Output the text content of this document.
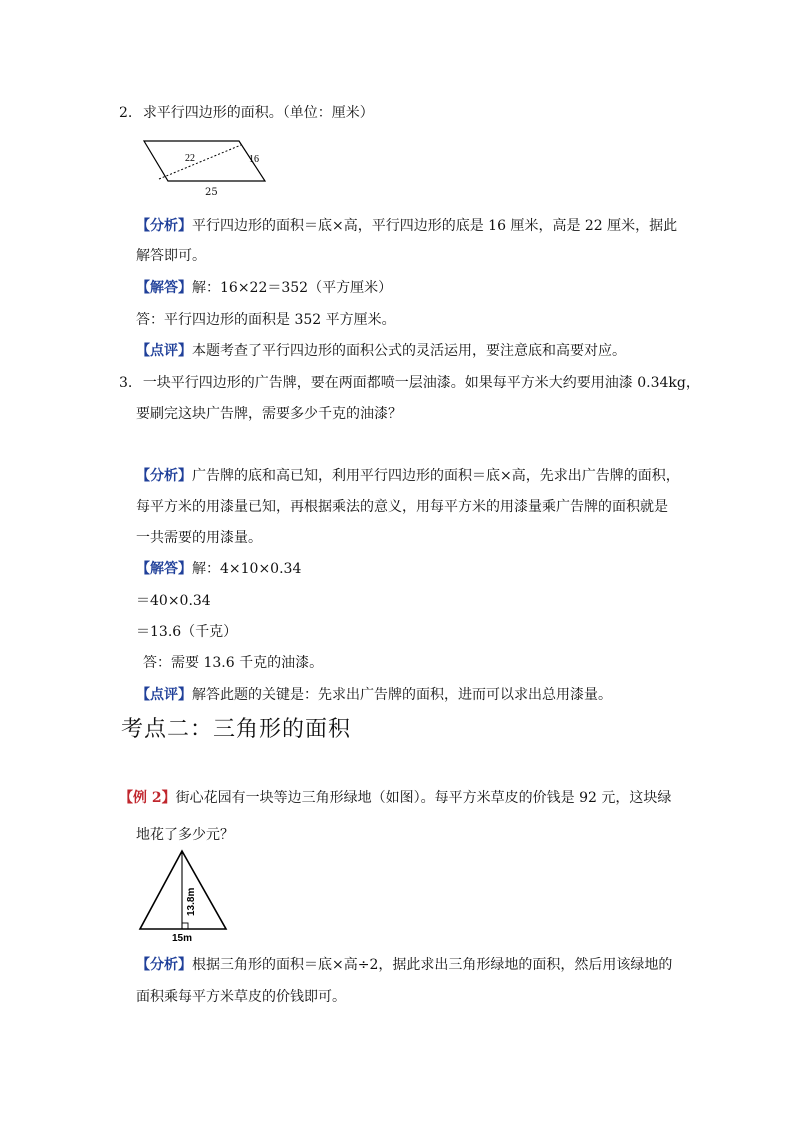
2. 求平行四边形的面积。（单位：厘米）
22	16
25
【分析】平行四边形的面积＝底×高，平行四边形的底是 16 厘米，高是 22 厘米，据此
解答即可。
【解答】解：16×22＝352（平方厘米）
答：平行四边形的面积是 352 平方厘米。
【点评】本题考查了平行四边形的面积公式的灵活运用，要注意底和高要对应。
3. 一块平行四边形的广告牌，要在两面都喷一层油漆。如果每平方米大约要用油漆 0.34kg，
要刷完这块广告牌，需要多少千克的油漆？
【分析】广告牌的底和高已知，利用平行四边形的面积＝底×高，先求出广告牌的面积，
每平方米的用漆量已知，再根据乘法的意义，用每平方米的用漆量乘广告牌的面积就是
一共需要的用漆量。
【解答】解：4×10×0.34
＝40×0.34
＝13.6（千克）
答：需要 13.6 千克的油漆。
【点评】解答此题的关键是：先求出广告牌的面积，进而可以求出总用漆量。
考点二：三角形的面积
【例 2】街心花园有一块等边三角形绿地（如图）。每平方米草皮的价钱是 92 元，这块绿
地花了多少元？
13.8m
15m
【分析】根据三角形的面积＝底×高÷2，据此求出三角形绿地的面积，然后用该绿地的
面积乘每平方米草皮的价钱即可。
